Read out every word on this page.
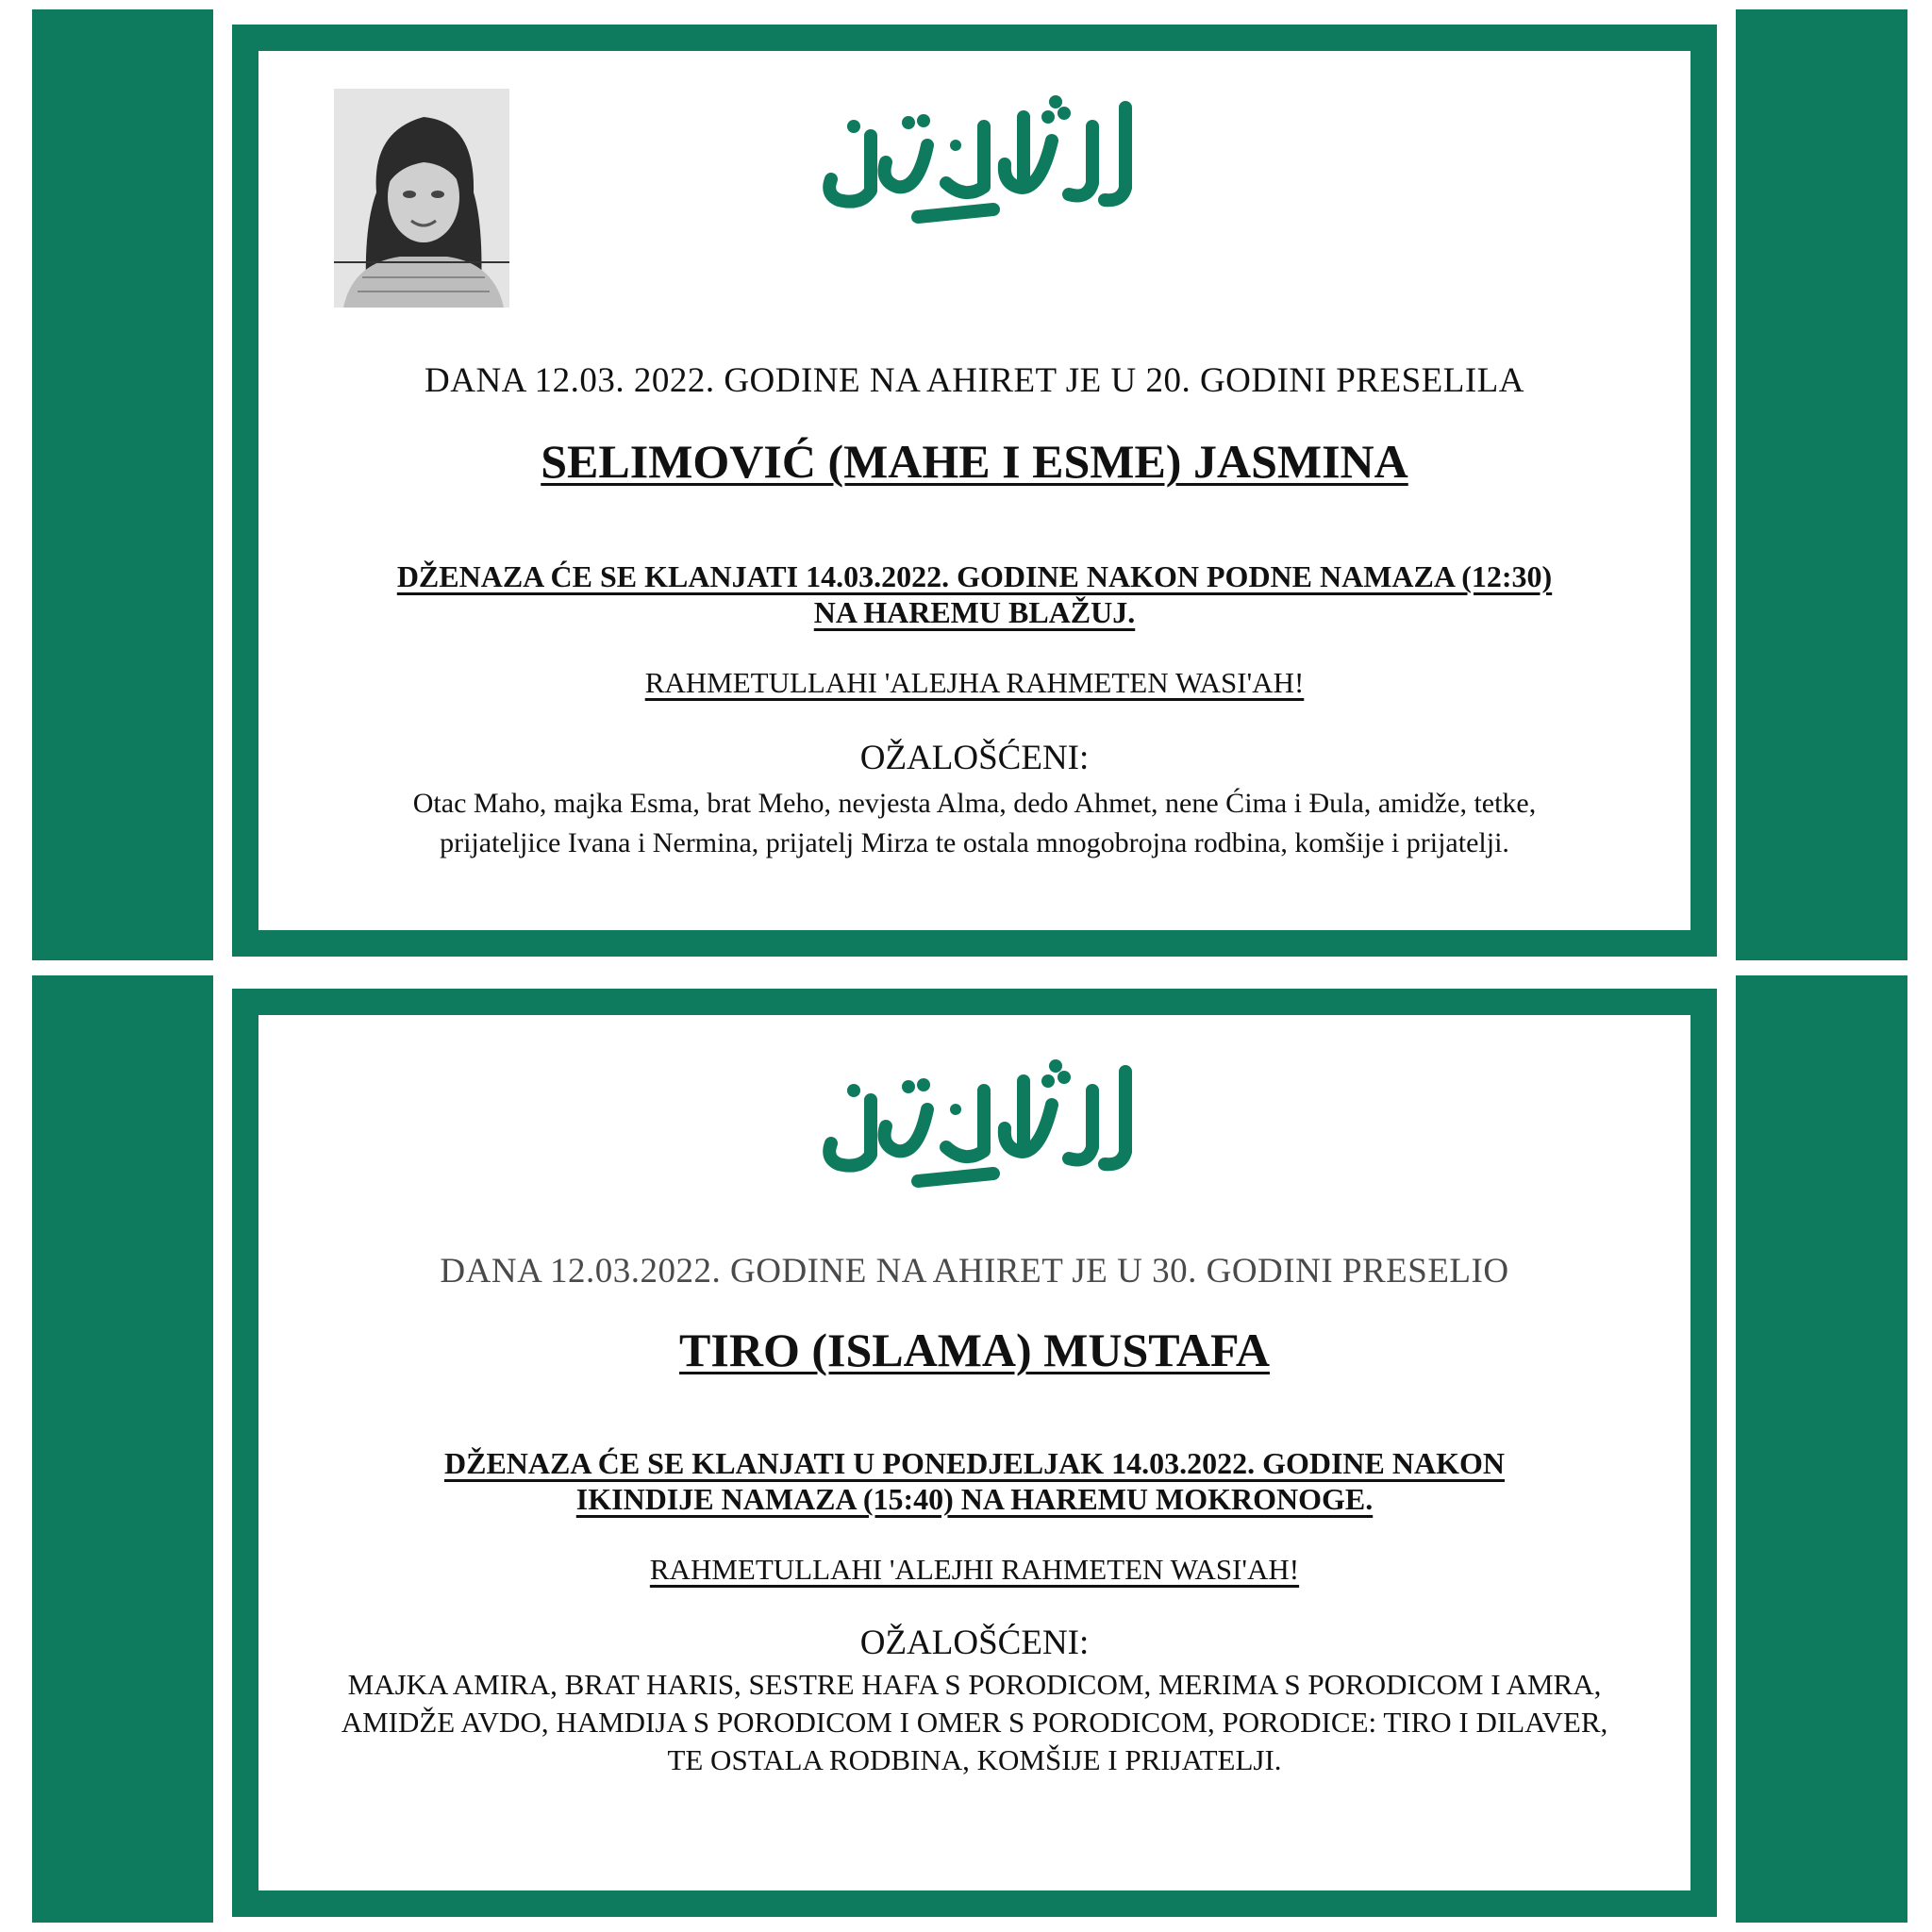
DANA 12.03. 2022. GODINE NA AHIRET JE U 20. GODINI PRESELILA
SELIMOVIĆ (MAHE I ESME) JASMINA
DŽENAZA ĆE SE KLANJATI 14.03.2022. GODINE NAKON PODNE NAMAZA (12:30)
NA HAREMU BLAŽUJ.
RAHMETULLAHI 'ALEJHA RAHMETEN WASI'AH!
OŽALOŠĆENI:
Otac Maho, majka Esma, brat Meho, nevjesta Alma, dedo Ahmet, nene Ćima i Đula, amidže, tetke,
prijateljice Ivana i Nermina, prijatelj Mirza te ostala mnogobrojna rodbina, komšije i prijatelji.
DANA 12.03.2022. GODINE NA AHIRET JE U 30. GODINI PRESELIO
TIRO (ISLAMA) MUSTAFA
DŽENAZA ĆE SE KLANJATI U PONEDJELJAK 14.03.2022. GODINE NAKON
IKINDIJE NAMAZA (15:40) NA HAREMU MOKRONOGE.
RAHMETULLAHI 'ALEJHI RAHMETEN WASI'AH!
OŽALOŠĆENI:
MAJKA AMIRA, BRAT HARIS, SESTRE HAFA S PORODICOM, MERIMA S PORODICOM I AMRA,
AMIDŽE AVDO, HAMDIJA S PORODICOM I OMER S PORODICOM, PORODICE: TIRO I DILAVER,
TE OSTALA RODBINA, KOMŠIJE I PRIJATELJI.
